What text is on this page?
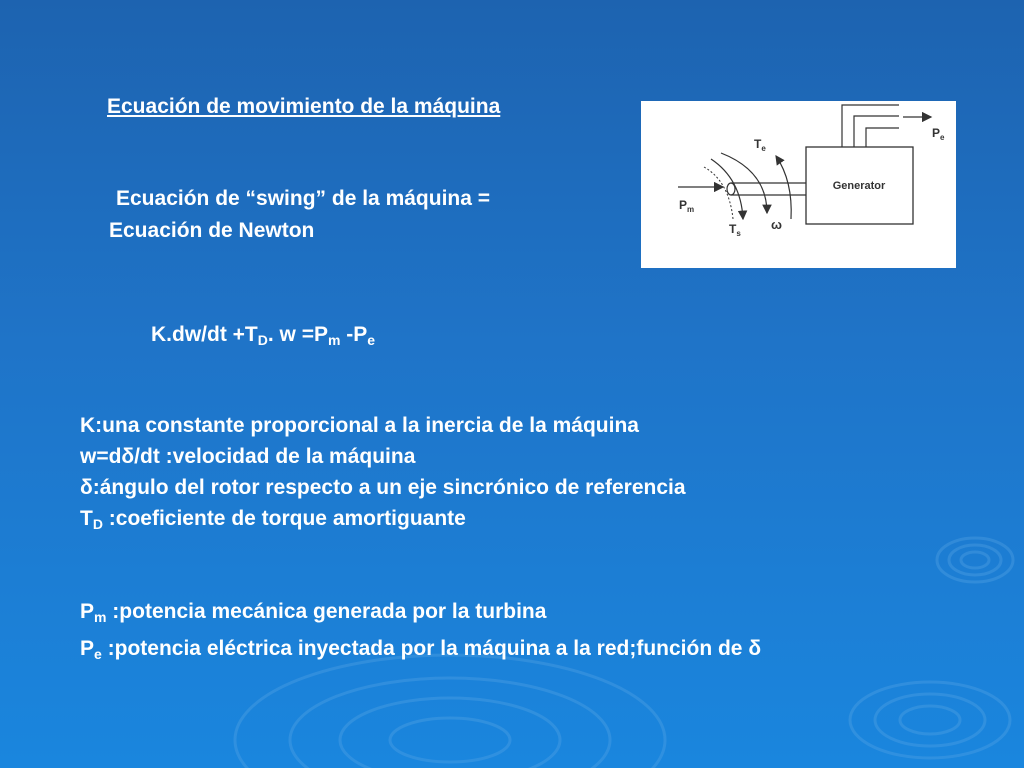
Ecuación de movimiento de la máquina
Ecuación de “swing” de la máquina =
Ecuación de Newton
$K.dw/dt +T_D$. $w =P_m$ $-P_e$
K:una constante proporcional a la inercia de la máquina
w=dδ/dt :velocidad de la máquina
δ:ángulo del rotor respecto a un eje sincrónico de referencia
$T_D$ :coeficiente de torque amortiguante
$P_m$ :potencia mecánica generada por la turbina
$P_e$ :potencia eléctrica inyectada por la máquina a la red;función de δ
Generator
$P_e$
$P_m$
$T_e$
$T_s$
ω
